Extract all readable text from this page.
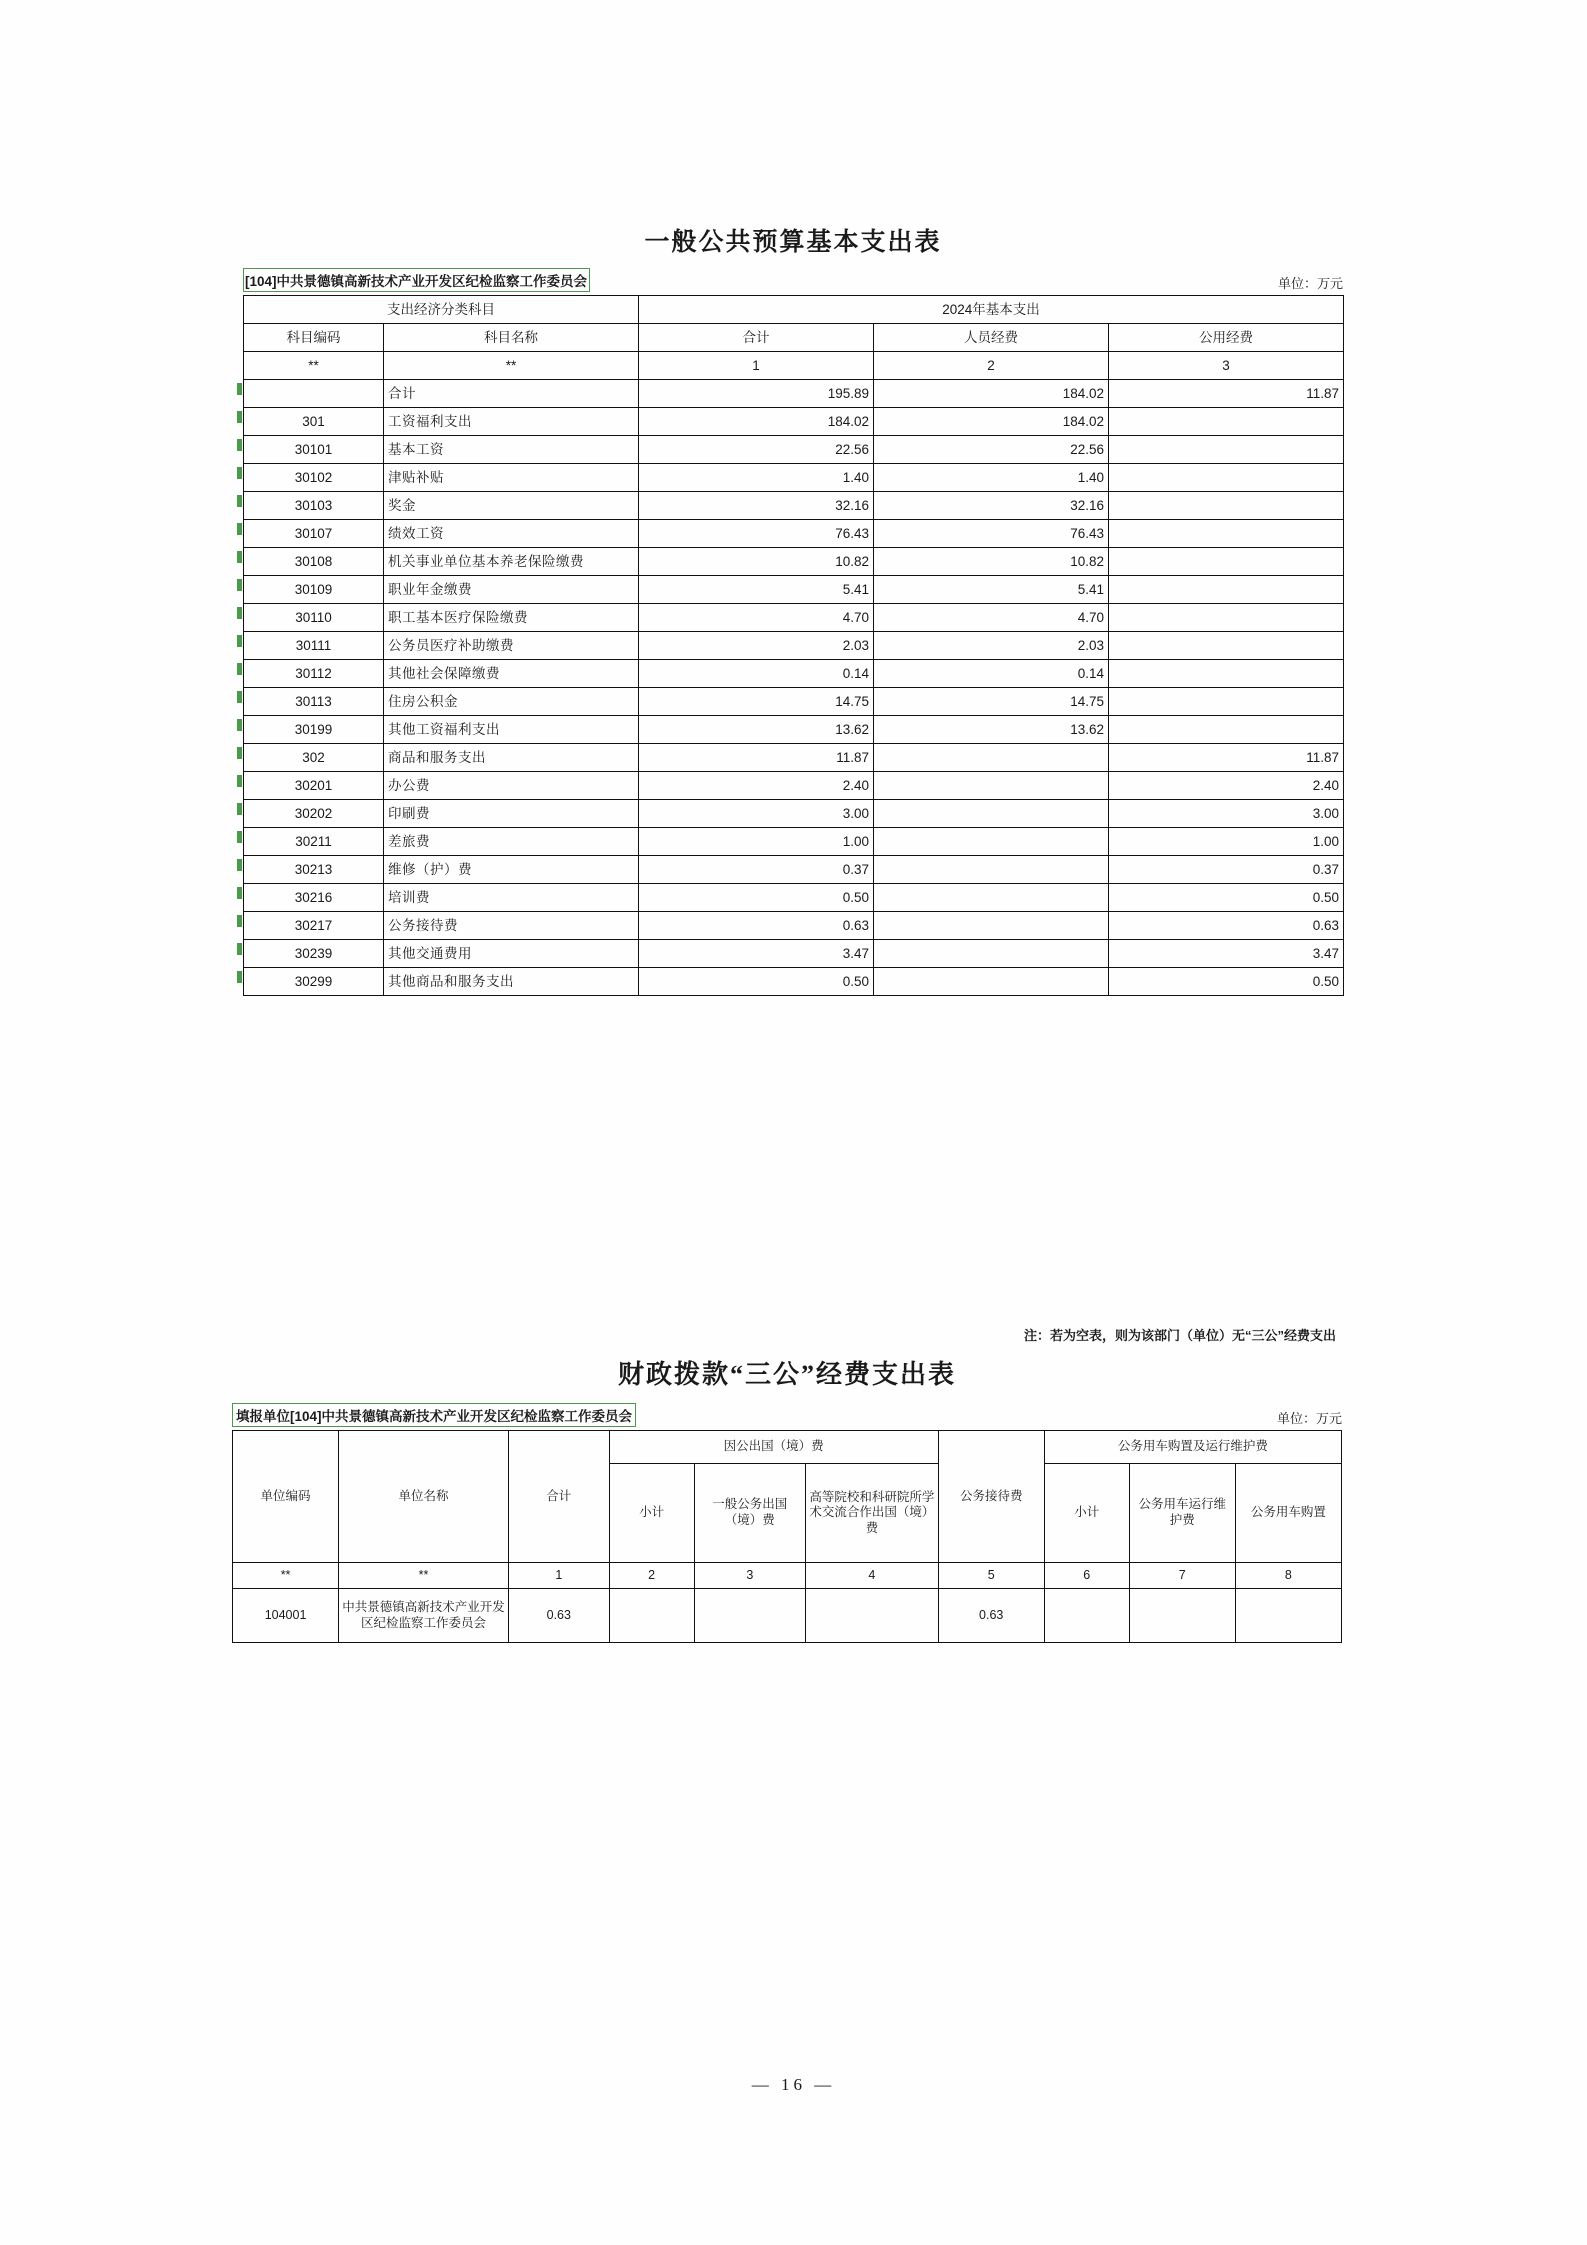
一般公共预算基本支出表
[104]中共景德镇高新技术产业开发区纪检监察工作委员会	单位：万元
支出经济分类科目		2024年基本支出		
科目编码	科目名称	合计	人员经费	公用经费
**	**	1	2	3
	合计	195.89	184.02	11.87
301	工资福利支出	184.02	184.02	
30101	基本工资	22.56	22.56	
30102	津贴补贴	1.40	1.40	
30103	奖金	32.16	32.16	
30107	绩效工资	76.43	76.43	
30108	机关事业单位基本养老保险缴费	10.82	10.82	
30109	职业年金缴费	5.41	5.41	
30110	职工基本医疗保险缴费	4.70	4.70	
30111	公务员医疗补助缴费	2.03	2.03	
30112	其他社会保障缴费	0.14	0.14	
30113	住房公积金	14.75	14.75	
30199	其他工资福利支出	13.62	13.62	
302	商品和服务支出	11.87		11.87
30201	办公费	2.40		2.40
30202	印刷费	3.00		3.00
30211	差旅费	1.00		1.00
30213	维修（护）费	0.37		0.37
30216	培训费	0.50		0.50
30217	公务接待费	0.63		0.63
30239	其他交通费用	3.47		3.47
30299	其他商品和服务支出	0.50		0.50
注：若为空表，则为该部门（单位）无“三公”经费支出
财政拨款“三公”经费支出表
填报单位[104]中共景德镇高新技术产业开发区纪检监察工作委员会	单位：万元
单位编码	单位名称	合计	因公出国（境）费			公务接待费	公务用车购置及运行维护费		
			小计	一般公务出国（境）费	高等院校和科研院所学术交流合作出国（境）费		小计	公务用车运行维护费	公务用车购置
**	**	1	2	3	4	5	6	7	8
104001	中共景德镇高新技术产业开发区纪检监察工作委员会	0.63				0.63			
— 16 —
